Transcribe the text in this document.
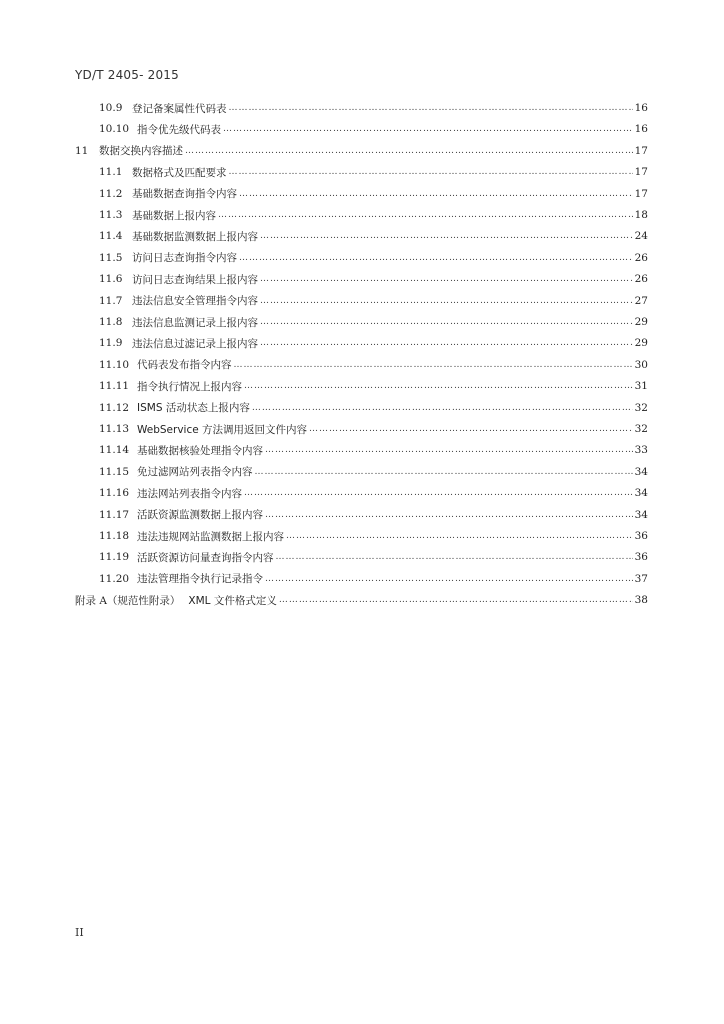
YD/T 2405- 2015
10.9 登记备案属性代码表 ……………………………………………………………………………………………………………………………………………………………………………………	16
10.10 指令优先级代码表 ……………………………………………………………………………………………………………………………………………………………………………………	16
11	数据交换内容描述 ……………………………………………………………………………………………………………………………………………………………………………………	17
11.1 数据格式及匹配要求 ……………………………………………………………………………………………………………………………………………………………………………………	17
11.2 基础数据查询指令内容 ……………………………………………………………………………………………………………………………………………………………………………………	17
11.3 基础数据上报内容 ……………………………………………………………………………………………………………………………………………………………………………………	18
11.4 基础数据监测数据上报内容 ……………………………………………………………………………………………………………………………………………………………………………………	24
11.5 访问日志查询指令内容 ……………………………………………………………………………………………………………………………………………………………………………………	26
11.6 访问日志查询结果上报内容 ……………………………………………………………………………………………………………………………………………………………………………………	26
11.7 违法信息安全管理指令内容 ……………………………………………………………………………………………………………………………………………………………………………………	27
11.8 违法信息监测记录上报内容 ……………………………………………………………………………………………………………………………………………………………………………………	29
11.9 违法信息过滤记录上报内容 ……………………………………………………………………………………………………………………………………………………………………………………	29
11.10 代码表发布指令内容 ……………………………………………………………………………………………………………………………………………………………………………………	30
11.11 指令执行情况上报内容 ……………………………………………………………………………………………………………………………………………………………………………………	31
11.12 ISMS 活动状态上报内容 ……………………………………………………………………………………………………………………………………………………………………………………	32
11.13 WebService 方法调用返回文件内容 ……………………………………………………………………………………………………………………………………………………………………………………	32
11.14 基础数据核验处理指令内容 ……………………………………………………………………………………………………………………………………………………………………………………	33
11.15 免过滤网站列表指令内容 ……………………………………………………………………………………………………………………………………………………………………………………	34
11.16 违法网站列表指令内容 ……………………………………………………………………………………………………………………………………………………………………………………	34
11.17 活跃资源监测数据上报内容 ……………………………………………………………………………………………………………………………………………………………………………………	34
11.18 违法违规网站监测数据上报内容 ……………………………………………………………………………………………………………………………………………………………………………………	36
11.19 活跃资源访问量查询指令内容 ……………………………………………………………………………………………………………………………………………………………………………………	36
11.20 违法管理指令执行记录指令 ……………………………………………………………………………………………………………………………………………………………………………………	37
附录 A（规范性附录） XML 文件格式定义 ……………………………………………………………………………………………………………………………………………………………………………………	38
II
